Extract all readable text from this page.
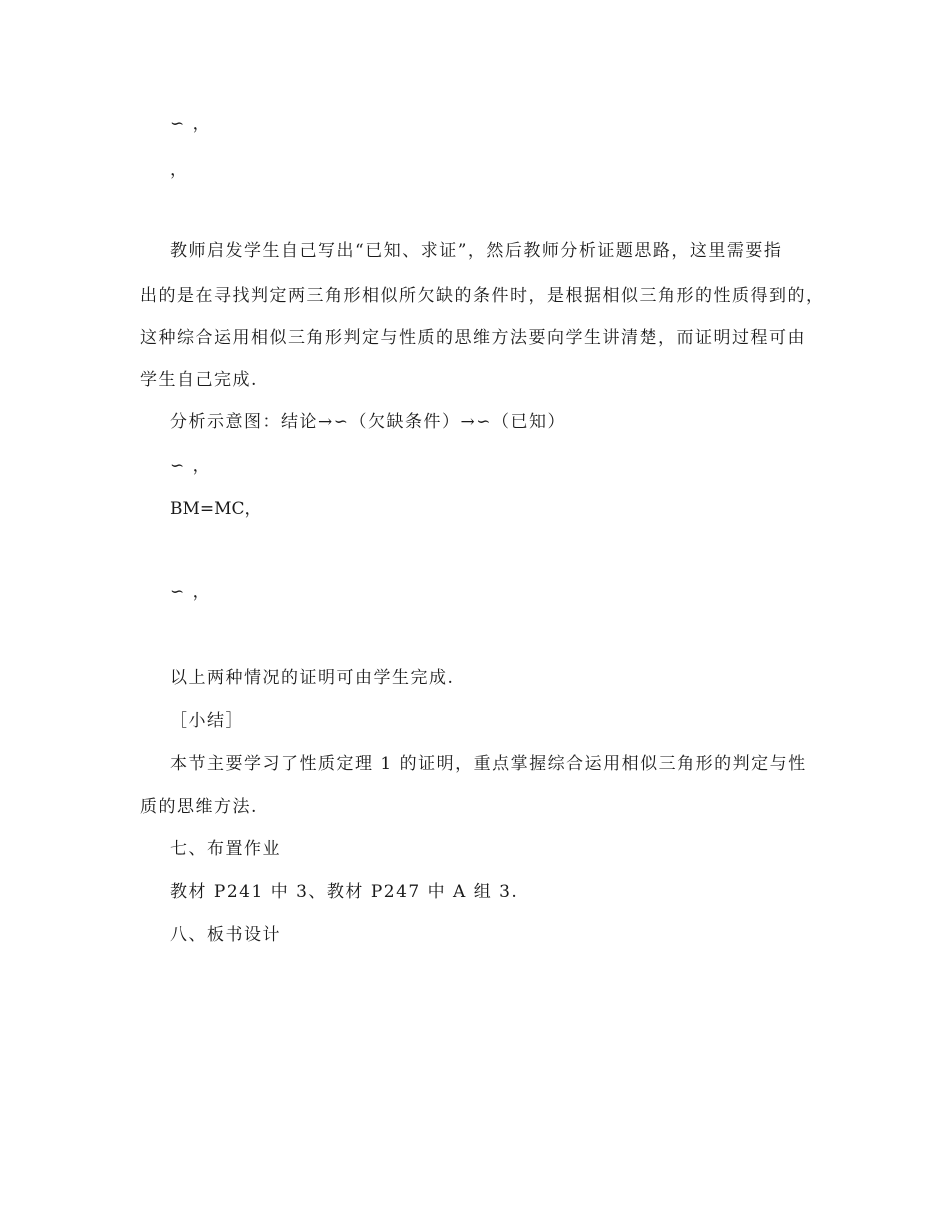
∽ ，
，
教师启发学生自己写出“已知、求证”，然后教师分析证题思路，这里需要指
出的是在寻找判定两三角形相似所欠缺的条件时，是根据相似三角形的性质得到的，
这种综合运用相似三角形判定与性质的思维方法要向学生讲清楚，而证明过程可由
学生自己完成.
分析示意图：结论→∽（欠缺条件）→∽（已知）
∽ ，
BM=MC，
∽ ，
以上两种情况的证明可由学生完成.
［小结］
本节主要学习了性质定理 1 的证明，重点掌握综合运用相似三角形的判定与性
质的思维方法.
七、布置作业
教材 P241 中 3、教材 P247 中 A 组 3.
八、板书设计
